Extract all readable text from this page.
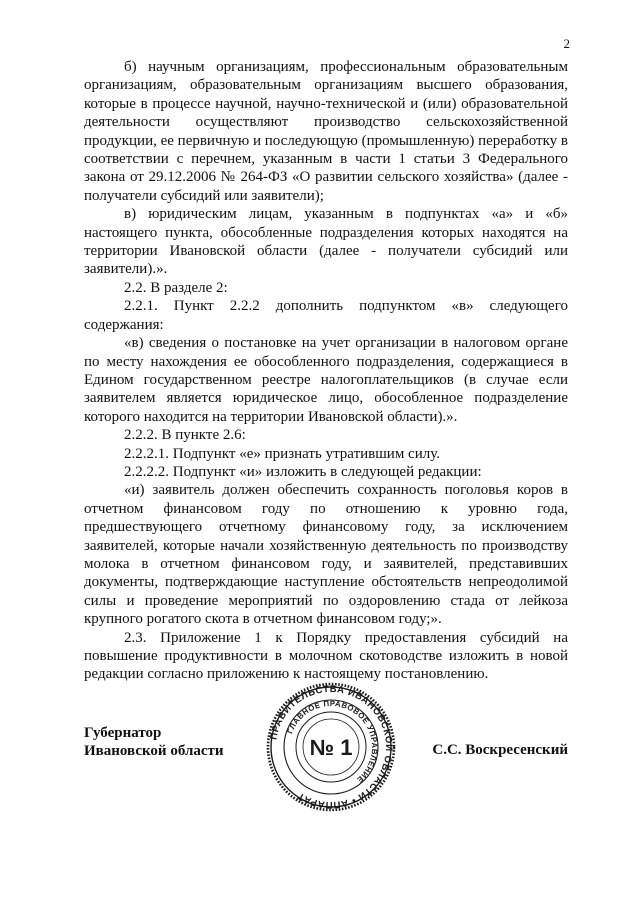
2

б) научным организациям, профессиональным образовательным организациям, образовательным организациям высшего образования, которые в процессе научной, научно-технической и (или) образовательной деятельности осуществляют производство сельскохозяйственной продукции, ее первичную и последующую (промышленную) переработку в соответствии с перечнем, указанным в части 1 статьи 3 Федерального закона от 29.12.2006 № 264-ФЗ «О развитии сельского хозяйства» (далее - получатели субсидий или заявители);

в) юридическим лицам, указанным в подпунктах «а» и «б» настоящего пункта, обособленные подразделения которых находятся на территории Ивановской области (далее - получатели субсидий или заявители).».

2.2. В разделе 2:

2.2.1. Пункт 2.2.2 дополнить подпунктом «в» следующего содержания:

«в) сведения о постановке на учет организации в налоговом органе по месту нахождения ее обособленного подразделения, содержащиеся в Едином государственном реестре налогоплательщиков (в случае если заявителем является юридическое лицо, обособленное подразделение которого находится на территории Ивановской области).».

2.2.2. В пункте 2.6:

2.2.2.1. Подпункт «е» признать утратившим силу.

2.2.2.2. Подпункт «и» изложить в следующей редакции:

«и) заявитель должен обеспечить сохранность поголовья коров в отчетном финансовом году по отношению к уровню года, предшествующего отчетному финансовому году, за исключением заявителей, которые начали хозяйственную деятельность по производству молока в отчетном финансовом году, и заявителей, представивших документы, подтверждающие наступление обстоятельств непреодолимой силы и проведение мероприятий по оздоровлению стада от лейкоза крупного рогатого скота в отчетном финансовом году;».

2.3. Приложение 1 к Порядку предоставления субсидий на повышение продуктивности в молочном скотоводстве изложить в новой редакции согласно приложению к настоящему постановлению.

Губернатор
Ивановской области
ПРАВИТЕЛЬСТВА ИВАНОВСКОЙ ОБЛАСТИ • АППАРАТ
ГЛАВНОЕ ПРАВОВОЕ УПРАВЛЕНИЕ
№ 1	С.С. Воскресенский
